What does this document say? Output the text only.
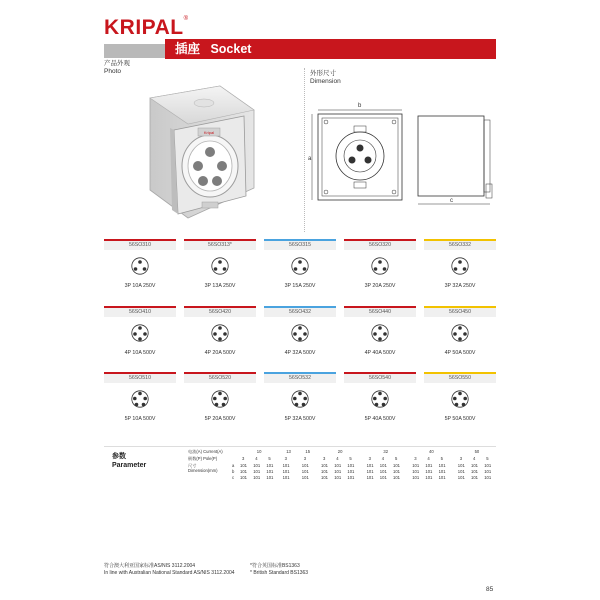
KRIPAL®
插座 Socket
产品外观
Photo
Kripal
外形尺寸
Dimension
b
a
c
56SO310
3P 10A 250V
56SO313*
3P 13A 250V
56SO315
3P 15A 250V
56SO320
3P 20A 250V
56SO332
3P 32A 250V
56SO410
4P 10A 500V
56SO420
4P 20A 500V
56SO432
4P 32A 500V
56SO440
4P 40A 500V
56SO450
4P 50A 500V
56SO510
5P 10A 500V
56SO520
5P 20A 500V
56SO532
5P 32A 500V
56SO540
5P 40A 500V
56SO550
5P 50A 500V
参数
Parameter
电流(A) Current(A)
极数(P) Pole(P)
尺寸
Dimension(mm)
10
3
101
101
101
4
101
101
101
5
101
101
101
13
3
101
101
101
15
3
101
101
101
20
3
101
101
101
4
101
101
101
5
101
101
101
32
3
101
101
101
4
101
101
101
5
101
101
101
40
3
101
101
101
4
101
101
101
5
101
101
101
50
3
101
101
101
4
101
101
101
5
101
101
101
a
b
c
符合澳大利亚国家标准AS/NIS 3112.2004
In line with Australian National Standard AS/NIS 3112.2004
*符合英国标准BS1363
* British Standard BS1363
85
